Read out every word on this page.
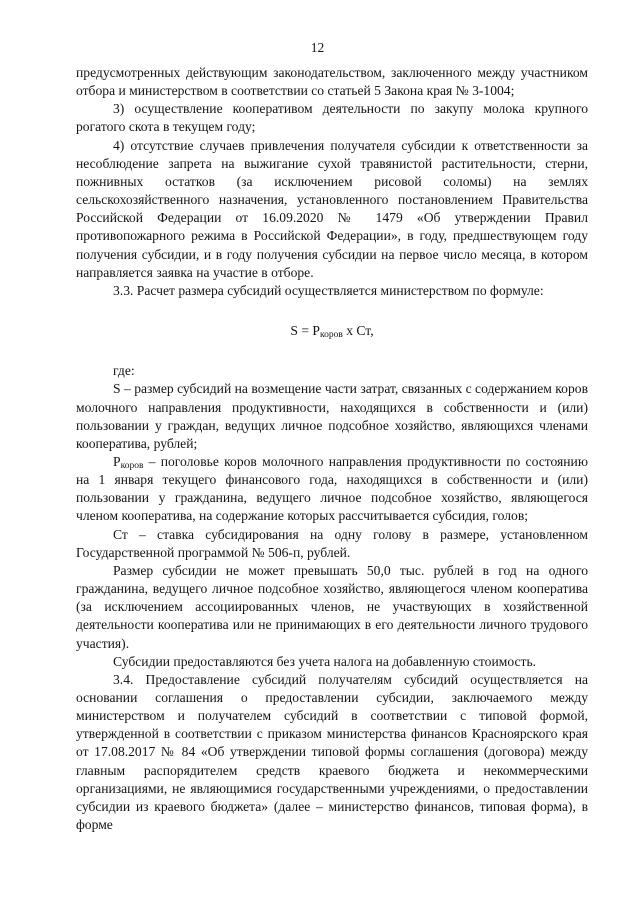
12

предусмотренных действующим законодательством, заключенного между участником отбора и министерством в соответствии со статьей 5 Закона края № 3-1004;

3) осуществление кооперативом деятельности по закупу молока крупного рогатого скота в текущем году;

4) отсутствие случаев привлечения получателя субсидии к ответственности за несоблюдение запрета на выжигание сухой травянистой растительности, стерни, пожнивных остатков (за исключением рисовой соломы) на землях сельскохозяйственного назначения, установленного постановлением Правительства Российской Федерации от 16.09.2020 № 1479 «Об утверждении Правил противопожарного режима в Российской Федерации», в году, предшествующем году получения субсидии, и в году получения субсидии на первое число месяца, в котором направляется заявка на участие в отборе.

3.3. Расчет размера субсидий осуществляется министерством по формуле:

$S = P_{коров}$ x Ст,

где:

S – размер субсидий на возмещение части затрат, связанных с содержанием коров молочного направления продуктивности, находящихся в собственности и (или) пользовании у граждан, ведущих личное подсобное хозяйство, являющихся членами кооператива, рублей;

$P_{коров}$ – поголовье коров молочного направления продуктивности по состоянию на 1 января текущего финансового года, находящихся в собственности и (или) пользовании у гражданина, ведущего личное подсобное хозяйство, являющегося членом кооператива, на содержание которых рассчитывается субсидия, голов;

Ст – ставка субсидирования на одну голову в размере, установленном Государственной программой № 506-п, рублей.

Размер субсидии не может превышать 50,0 тыс. рублей в год на одного гражданина, ведущего личное подсобное хозяйство, являющегося членом кооператива (за исключением ассоциированных членов, не участвующих в хозяйственной деятельности кооператива или не принимающих в его деятельности личного трудового участия).

Субсидии предоставляются без учета налога на добавленную стоимость.

3.4. Предоставление субсидий получателям субсидий осуществляется на основании соглашения о предоставлении субсидии, заключаемого между министерством и получателем субсидий в соответствии с типовой формой, утвержденной в соответствии с приказом министерства финансов Красноярского края от 17.08.2017 № 84 «Об утверждении типовой формы соглашения (договора) между главным распорядителем средств краевого бюджета и некоммерческими организациями, не являющимися государственными учреждениями, о предоставлении субсидии из краевого бюджета» (далее – министерство финансов, типовая форма), в форме
